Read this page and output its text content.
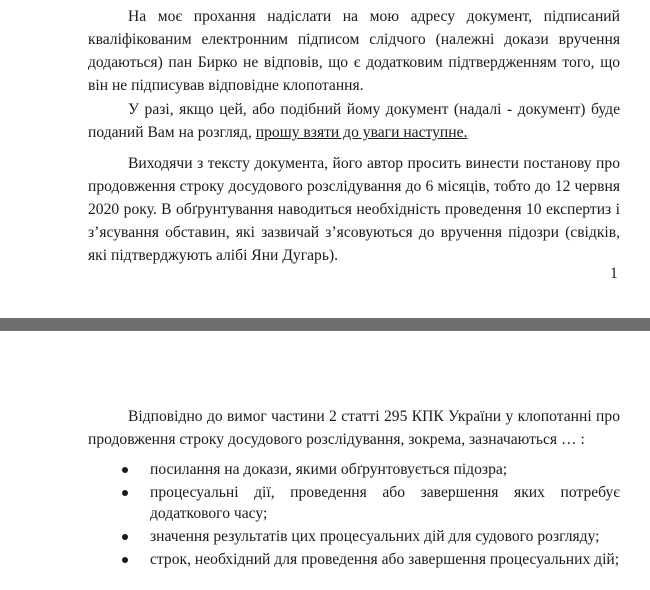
На моє прохання надіслати на мою адресу документ, підписаний кваліфікованим електронним підписом слідчого (належні докази вручення додаються) пан Бирко не відповів, що є додатковим підтвердженням того, що він не підписував відповідне клопотання.

У разі, якщо цей, або подібний йому документ (надалі - документ) буде поданий Вам на розгляд, прошу взяти до уваги наступне.

Виходячи з тексту документа, його автор просить винести постанову про продовження строку досудового розслідування до 6 місяців, тобто до 12 червня 2020 року. В обґрунтування наводиться необхідність проведення 10 експертиз і з’ясування обставин, які зазвичай з’ясовуються до вручення підозри (свідків, які підтверджують алібі Яни Дугарь).

1

Відповідно до вимог частини 2 статті 295 КПК України у клопотанні про продовження строку досудового розслідування, зокрема, зазначаються … :

посилання на докази, якими обґрунтовується підозра;
процесуальні дії, проведення або завершення яких потребує додаткового часу;
значення результатів цих процесуальних дій для судового розгляду;
строк, необхідний для проведення або завершення процесуальних дій;
